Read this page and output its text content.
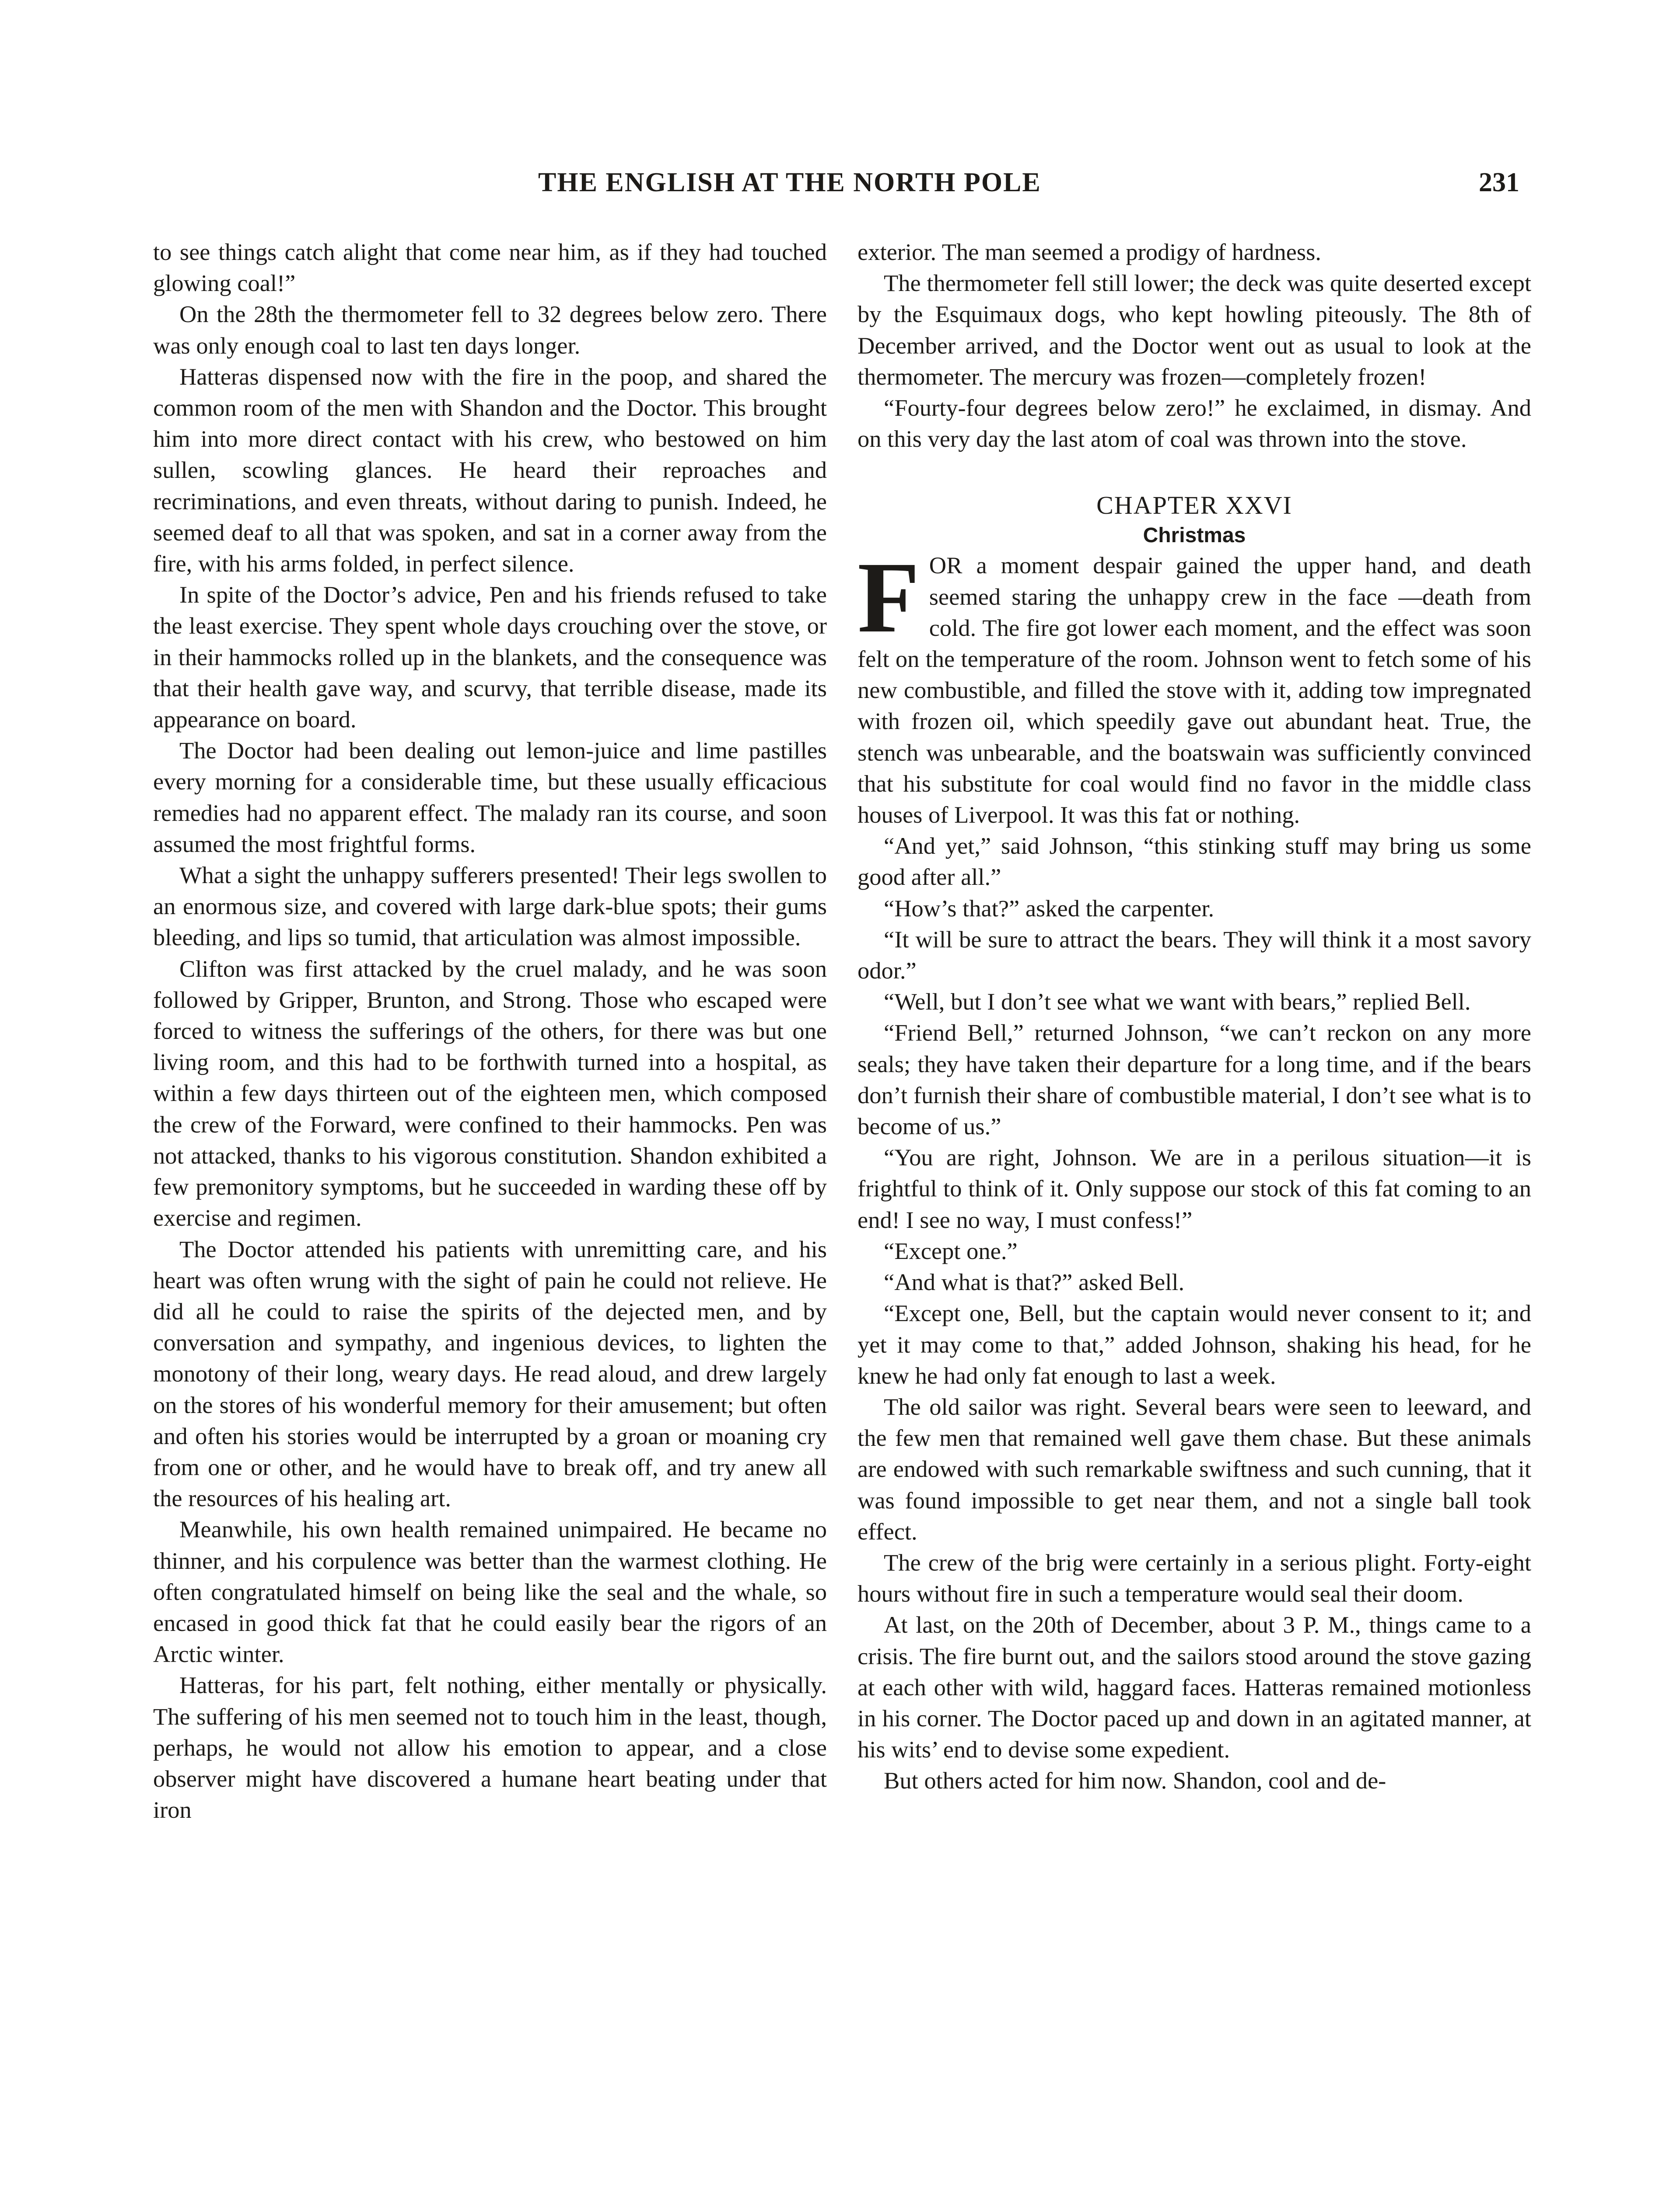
THE ENGLISH AT THE NORTH POLE	231

to see things catch alight that come near him, as if they had touched glowing coal!”

On the 28th the thermometer fell to 32 degrees below zero. There was only enough coal to last ten days longer.

Hatteras dispensed now with the fire in the poop, and shared the common room of the men with Shandon and the Doctor. This brought him into more direct contact with his crew, who bestowed on him sullen, scowling glances. He heard their reproaches and recriminations, and even threats, without daring to punish. Indeed, he seemed deaf to all that was spoken, and sat in a corner away from the fire, with his arms folded, in perfect silence.

In spite of the Doctor’s advice, Pen and his friends refused to take the least exercise. They spent whole days crouching over the stove, or in their hammocks rolled up in the blankets, and the consequence was that their health gave way, and scurvy, that terrible disease, made its appearance on board.

The Doctor had been dealing out lemon-juice and lime pastilles every morning for a considerable time, but these usually efficacious remedies had no apparent effect. The malady ran its course, and soon assumed the most frightful forms.

What a sight the unhappy sufferers presented! Their legs swollen to an enormous size, and covered with large dark-blue spots; their gums bleeding, and lips so tumid, that articulation was almost impossible.

Clifton was first attacked by the cruel malady, and he was soon followed by Gripper, Brunton, and Strong. Those who escaped were forced to witness the sufferings of the others, for there was but one living room, and this had to be forthwith turned into a hospital, as within a few days thirteen out of the eighteen men, which composed the crew of the Forward, were confined to their hammocks. Pen was not attacked, thanks to his vigorous constitution. Shandon exhibited a few premonitory symptoms, but he succeeded in warding these off by exercise and regimen.

The Doctor attended his patients with unremitting care, and his heart was often wrung with the sight of pain he could not relieve. He did all he could to raise the spirits of the dejected men, and by conversation and sympathy, and ingenious devices, to lighten the monotony of their long, weary days. He read aloud, and drew largely on the stores of his wonderful memory for their amusement; but often and often his stories would be interrupted by a groan or moaning cry from one or other, and he would have to break off, and try anew all the resources of his healing art.

Meanwhile, his own health remained unimpaired. He became no thinner, and his corpulence was better than the warmest clothing. He often congratulated himself on being like the seal and the whale, so encased in good thick fat that he could easily bear the rigors of an Arctic winter.

Hatteras, for his part, felt nothing, either mentally or physically. The suffering of his men seemed not to touch him in the least, though, perhaps, he would not allow his emotion to appear, and a close observer might have discovered a humane heart beating under that iron

exterior. The man seemed a prodigy of hardness.

The thermometer fell still lower; the deck was quite deserted except by the Esquimaux dogs, who kept howling piteously. The 8th of December arrived, and the Doctor went out as usual to look at the thermometer. The mercury was frozen—completely frozen!

“Fourty-four degrees below zero!” he exclaimed, in dismay. And on this very day the last atom of coal was thrown into the stove.

CHAPTER XXVI
Christmas

FOR a moment despair gained the upper hand, and death seemed staring the unhappy crew in the face —death from cold. The fire got lower each moment, and the effect was soon felt on the temperature of the room. Johnson went to fetch some of his new combustible, and filled the stove with it, adding tow impregnated with frozen oil, which speedily gave out abundant heat. True, the stench was unbearable, and the boatswain was sufficiently convinced that his substitute for coal would find no favor in the middle class houses of Liverpool. It was this fat or nothing.

“And yet,” said Johnson, “this stinking stuff may bring us some good after all.”

“How’s that?” asked the carpenter.

“It will be sure to attract the bears. They will think it a most savory odor.”

“Well, but I don’t see what we want with bears,” replied Bell.

“Friend Bell,” returned Johnson, “we can’t reckon on any more seals; they have taken their departure for a long time, and if the bears don’t furnish their share of combustible material, I don’t see what is to become of us.”

“You are right, Johnson. We are in a perilous situation—it is frightful to think of it. Only suppose our stock of this fat coming to an end! I see no way, I must confess!”

“Except one.”

“And what is that?” asked Bell.

“Except one, Bell, but the captain would never consent to it; and yet it may come to that,” added Johnson, shaking his head, for he knew he had only fat enough to last a week.

The old sailor was right. Several bears were seen to leeward, and the few men that remained well gave them chase. But these animals are endowed with such remarkable swiftness and such cunning, that it was found impossible to get near them, and not a single ball took effect.

The crew of the brig were certainly in a serious plight. Forty-eight hours without fire in such a temperature would seal their doom.

At last, on the 20th of December, about 3 P. M., things came to a crisis. The fire burnt out, and the sailors stood around the stove gazing at each other with wild, haggard faces. Hatteras remained motionless in his corner. The Doctor paced up and down in an agitated manner, at his wits’ end to devise some expedient.

But others acted for him now. Shandon, cool and de-
